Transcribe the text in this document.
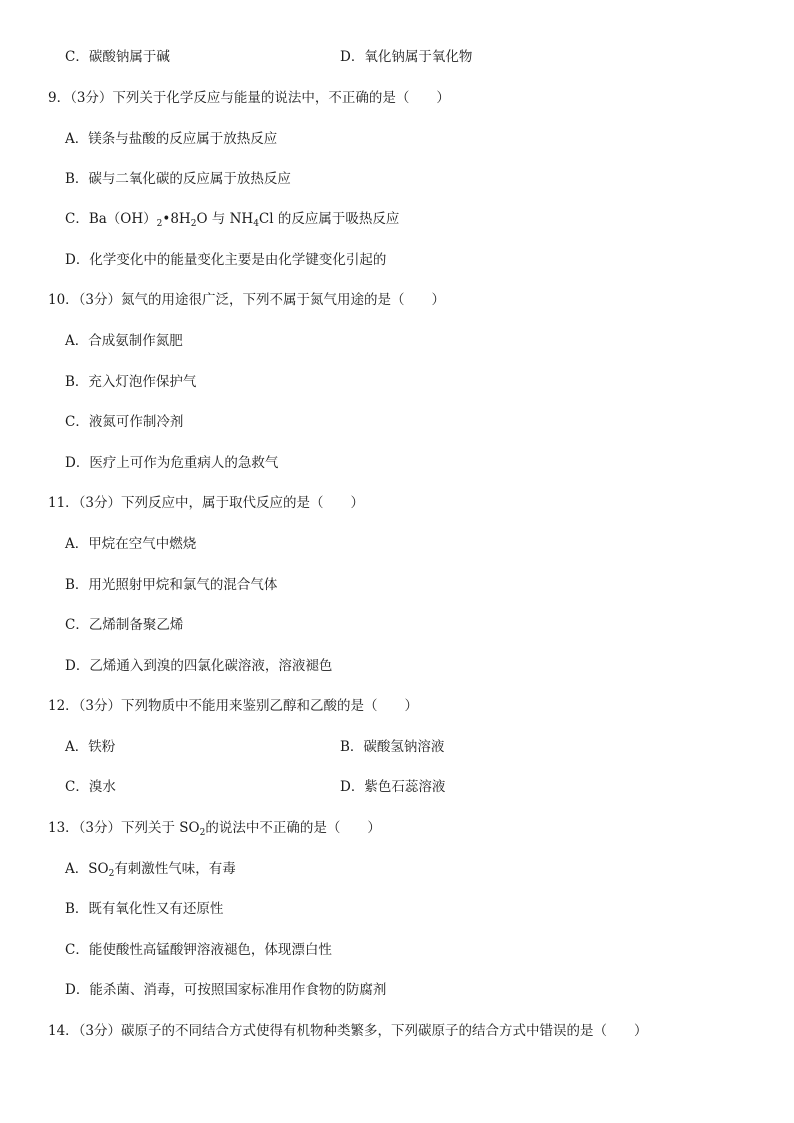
C．碳酸钠属于碱	D．氧化钠属于氧化物
9．（3分）下列关于化学反应与能量的说法中，不正确的是（　　）
A．镁条与盐酸的反应属于放热反应
B．碳与二氧化碳的反应属于放热反应
C．$Ba(OH)_2•8H_2O$ 与 $NH_4Cl$ 的反应属于吸热反应
D．化学变化中的能量变化主要是由化学键变化引起的
10．（3分）氮气的用途很广泛，下列不属于氮气用途的是（　　）
A．合成氨制作氮肥
B．充入灯泡作保护气
C．液氮可作制冷剂
D．医疗上可作为危重病人的急救气
11．（3分）下列反应中，属于取代反应的是（　　）
A．甲烷在空气中燃烧
B．用光照射甲烷和氯气的混合气体
C．乙烯制备聚乙烯
D．乙烯通入到溴的四氯化碳溶液，溶液褪色
12．（3分）下列物质中不能用来鉴别乙醇和乙酸的是（　　）
A．铁粉	B．碳酸氢钠溶液
C．溴水	D．紫色石蕊溶液
13．（3分）下列关于 $SO_2$的说法中不正确的是（　　）
A．$SO_2$有刺激性气味，有毒
B．既有氧化性又有还原性
C．能使酸性高锰酸钾溶液褪色，体现漂白性
D．能杀菌、消毒，可按照国家标准用作食物的防腐剂
14．（3分）碳原子的不同结合方式使得有机物种类繁多，下列碳原子的结合方式中错误的是（　　）
